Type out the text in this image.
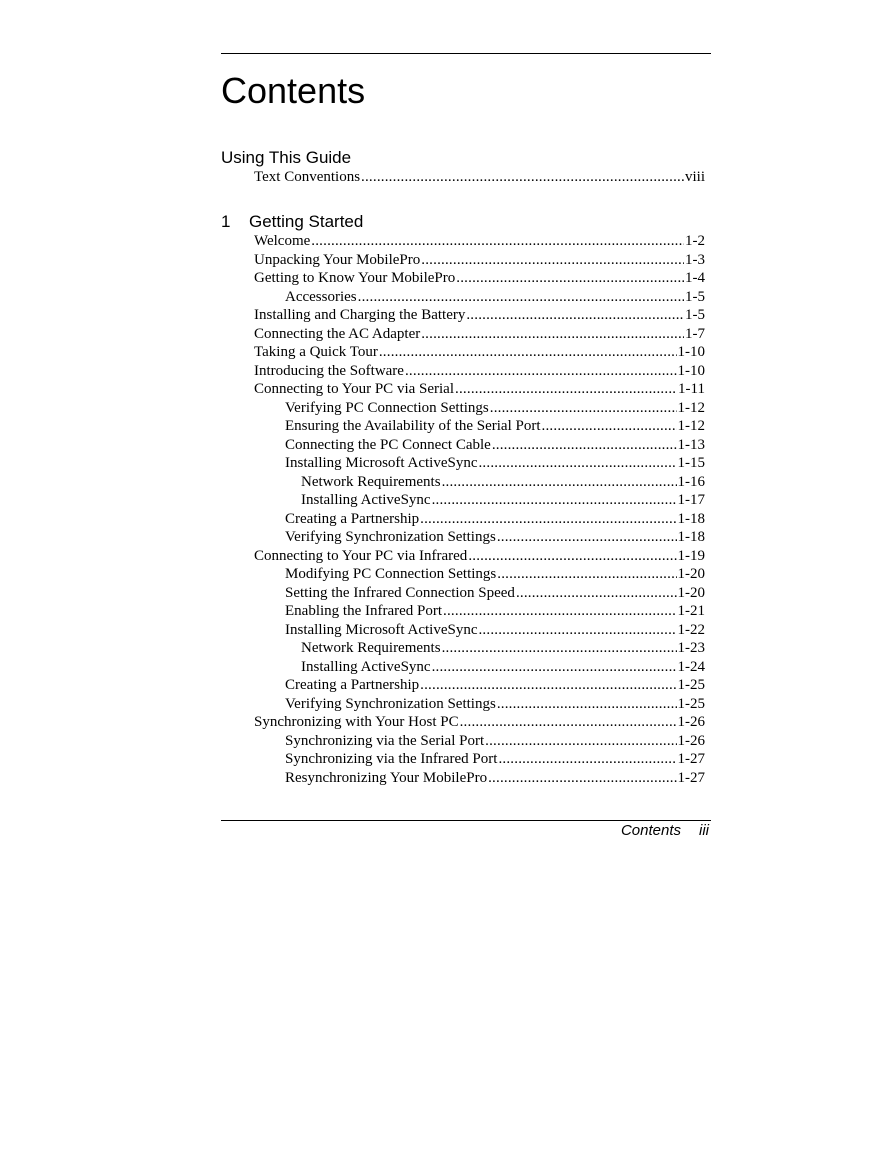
Contents
Using This Guide
Text Conventions .....	viii
1 Getting Started
Welcome .....	1-2
Unpacking Your MobilePro .....	1-3
Getting to Know Your MobilePro .....	1-4
Accessories .....	1-5
Installing and Charging the Battery .....	1-5
Connecting the AC Adapter .....	1-7
Taking a Quick Tour .....	1-10
Introducing the Software .....	1-10
Connecting to Your PC via Serial .....	1-11
Verifying PC Connection Settings .....	1-12
Ensuring the Availability of the Serial Port .....	1-12
Connecting the PC Connect Cable .....	1-13
Installing Microsoft ActiveSync .....	1-15
Network Requirements .....	1-16
Installing ActiveSync .....	1-17
Creating a Partnership .....	1-18
Verifying Synchronization Settings .....	1-18
Connecting to Your PC via Infrared .....	1-19
Modifying PC Connection Settings .....	1-20
Setting the Infrared Connection Speed .....	1-20
Enabling the Infrared Port .....	1-21
Installing Microsoft ActiveSync .....	1-22
Network Requirements .....	1-23
Installing ActiveSync .....	1-24
Creating a Partnership .....	1-25
Verifying Synchronization Settings .....	1-25
Synchronizing with Your Host PC .....	1-26
Synchronizing via the Serial Port .....	1-26
Synchronizing via the Infrared Port .....	1-27
Resynchronizing Your MobilePro .....	1-27
Contents iii
